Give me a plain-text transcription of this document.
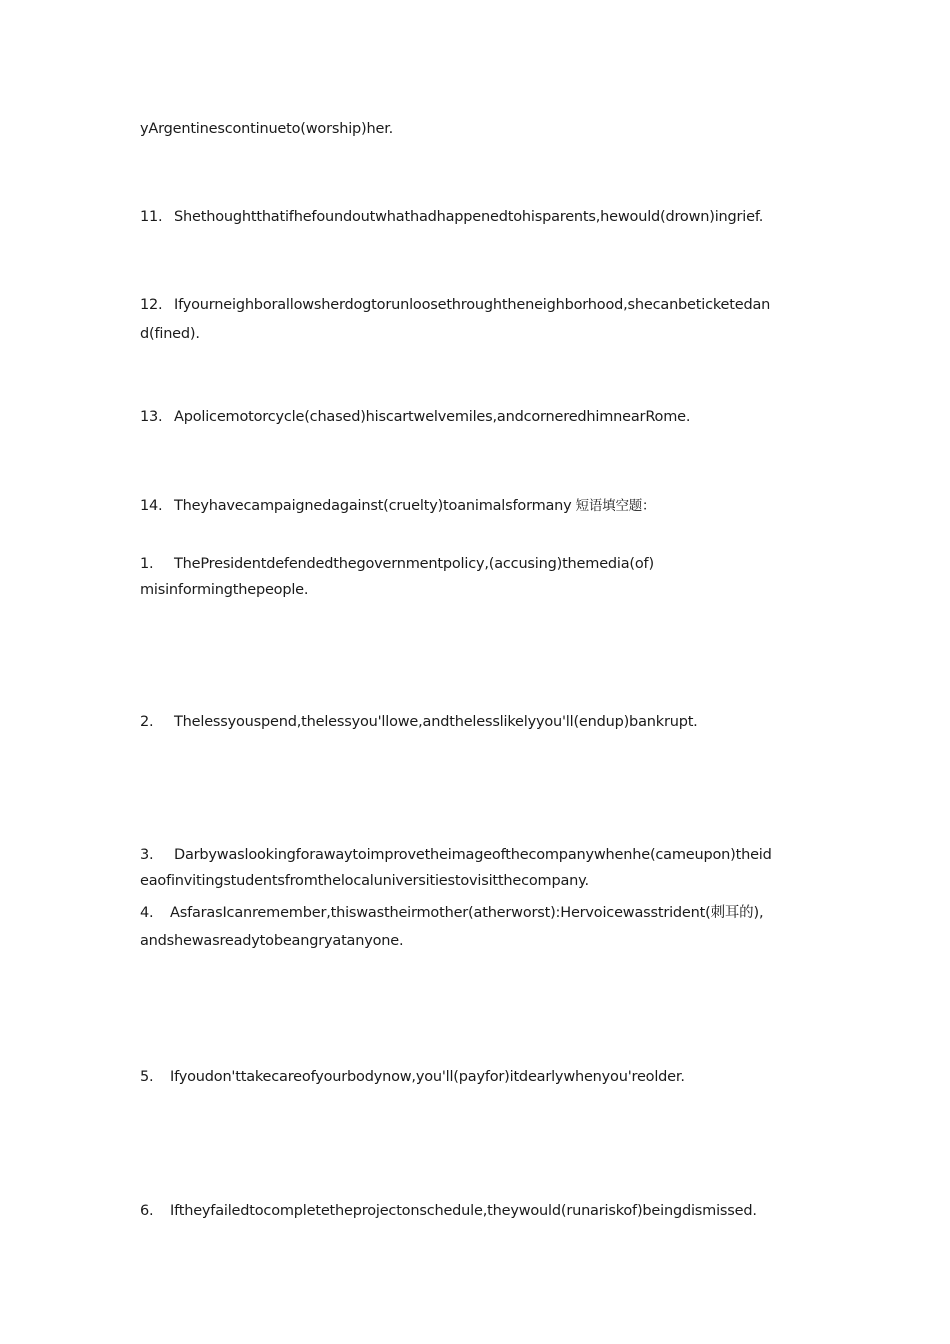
yArgentinescontinueto(worship)her.
11. Shethoughtthatifhefoundoutwhathadhappenedtohisparents,hewould(drown)ingrief.
12. Ifyourneighborallowsherdogtorunloosethroughtheneighborhood,shecanbeticketedan
d(fined).
13. Apolicemotorcycle(chased)hiscartwelvemiles,andcorneredhimnearRome.
14. Theyhavecampaignedagainst(cruelty)toanimalsformany 短语填空题：
1. ThePresidentdefendedthegovernmentpolicy,(accusing)themedia(of)
misinformingthepeople.
2. Thelessyouspend,thelessyou'llowe,andthelesslikelyyou'll(endup)bankrupt.
3. Darbywaslookingforawaytoimprovetheimageofthecompanywhenhe(cameupon)theid
eaofinvitingstudentsfromthelocaluniversitiestovisitthecompany.
4. AsfarasIcanremember,thiswastheirmother(atherworst):Hervoicewasstrident(刺耳的),
andshewasreadytobeangryatanyone.
5. Ifyoudon'ttakecareofyourbodynow,you'll(payfor)itdearlywhenyou'reolder.
6. Iftheyfailedtocompletetheprojectonschedule,theywould(runariskof)beingdismissed.
